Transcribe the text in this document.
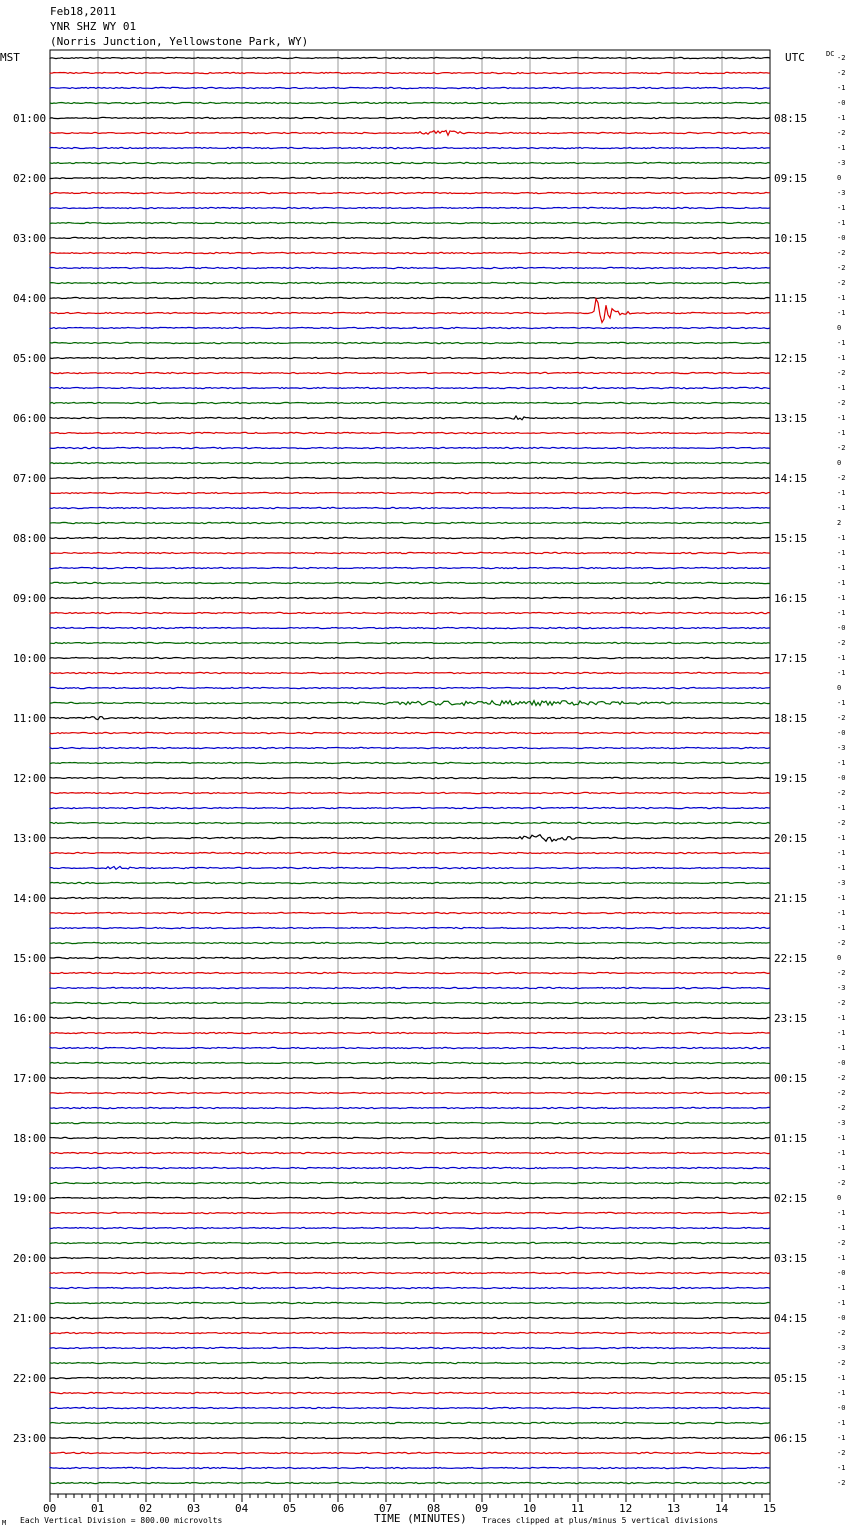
Feb18,2011
YNR SHZ WY 01
(Norris Junction, Yellowstone Park, WY)
MST	UTC	DC
01:00	08:15
02:00	09:15
03:00	10:15
04:00	11:15
05:00	12:15
06:00	13:15
07:00	14:15
08:00	15:15
09:00	16:15
10:00	17:15
11:00	18:15
12:00	19:15
13:00	20:15
14:00	21:15
15:00	22:15
16:00	23:15
17:00	00:15
18:00	01:15
19:00	02:15
20:00	03:15
21:00	04:15
22:00	05:15
23:00	06:15
-2
-2
-1
-0
-1
-2
-1
-3
0
-3
-1
-1
-0
-2
-2
-2
-1
-1
0
-1
-1
-2
-1
-2
-1
-1
-2
0
-2
-1
-1
2
-1
-1
-1
-1
-1
-1
-0
-2
-1
-1
0
-1
-2
-0
-3
-1
-0
-2
-1
-2
-1
-1
-1
-3
-1
-1
-1
-2
0
-2
-3
-2
-1
-1
-1
-0
-2
-2
-2
-3
-1
-1
-1
-2
0
-1
-1
-2
-1
-0
-1
-1
-0
-2
-3
-2
-1
-1
-0
-1
-1
-2
-1
-2
00	01	02	03	04	05	06	07	08	09	10	11	12	13	14	15
TIME (MINUTES)
Each Vertical Division = 800.00 microvolts	Traces clipped at plus/minus 5 vertical divisions
M
